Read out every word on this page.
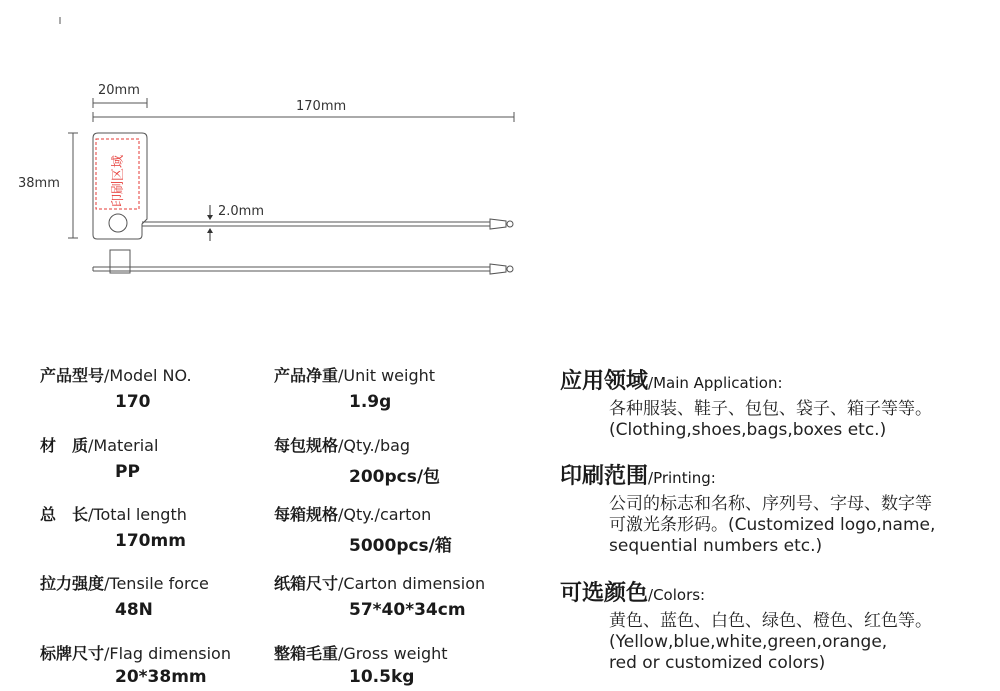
20mm
170mm
38mm	印刷区域
2.0mm
产品型号/Model NO.
170
材　质/Material
PP
总　长/Total length
170mm
拉力强度/Tensile force
48N
标牌尺寸/Flag dimension
20*38mm
产品净重/Unit weight
1.9g
每包规格/Qty./bag
200pcs/包
每箱规格/Qty./carton
5000pcs/箱
纸箱尺寸/Carton dimension
57*40*34cm
整箱毛重/Gross weight
10.5kg
应用领域/Main Application:
各种服装、鞋子、包包、袋子、箱子等等。
(Clothing,shoes,bags,boxes etc.)
印刷范围/Printing:
公司的标志和名称、序列号、字母、数字等
可激光条形码。(Customized logo,name,
sequential numbers etc.)
可选颜色/Colors:
黄色、蓝色、白色、绿色、橙色、红色等。
(Yellow,blue,white,green,orange,
red or customized colors)
